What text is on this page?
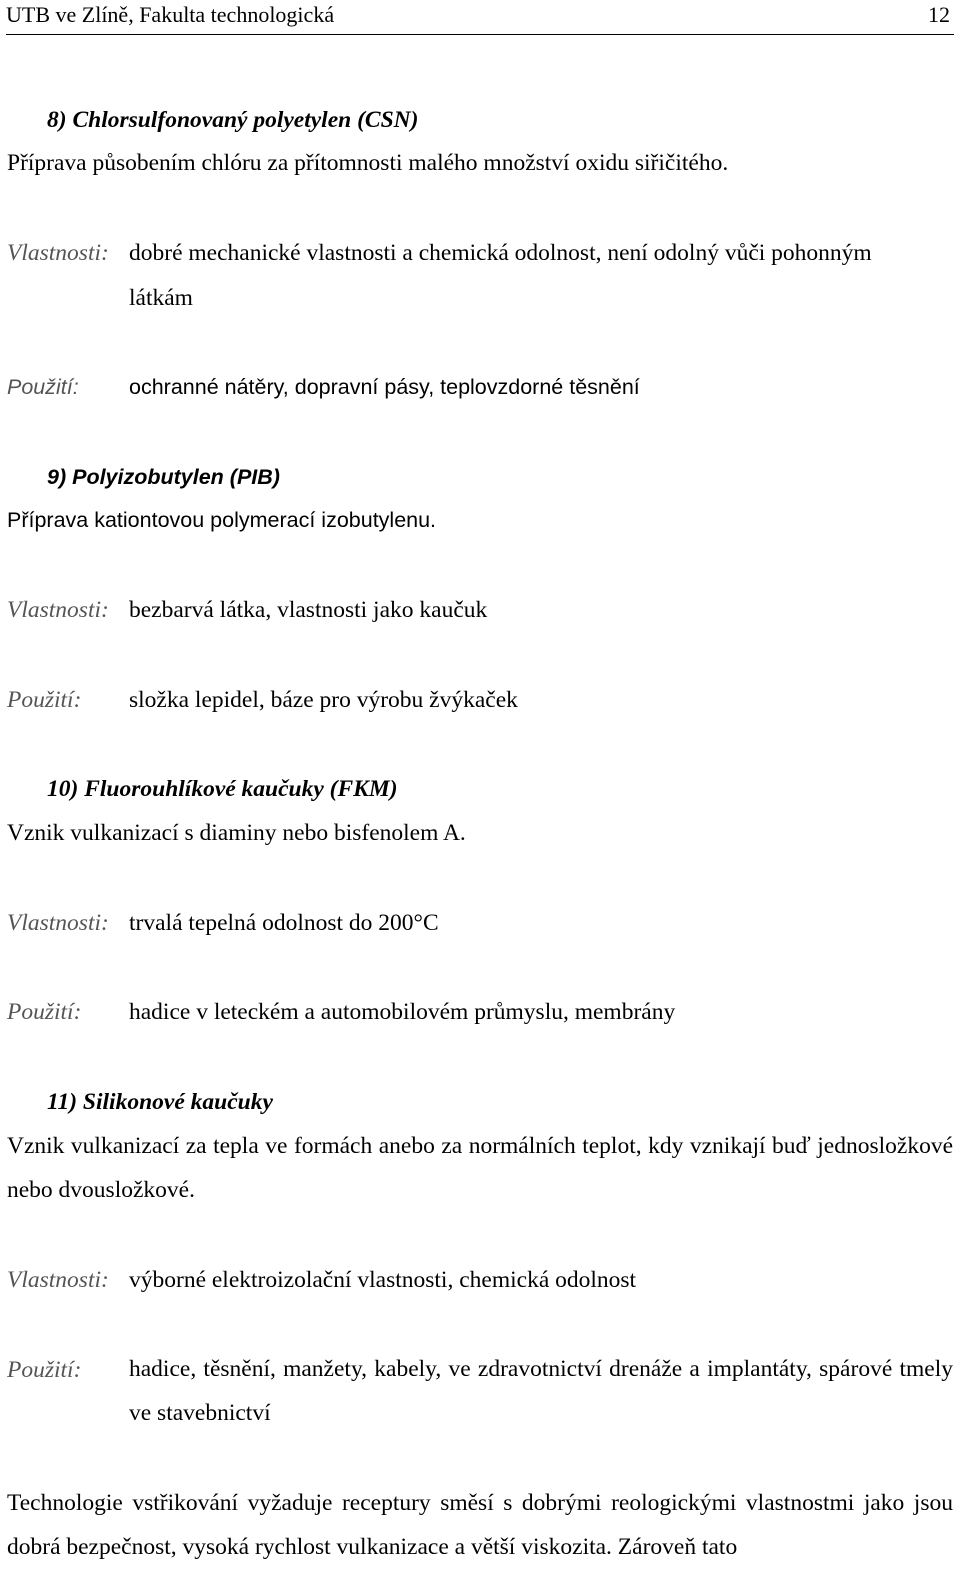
UTB ve Zlíně, Fakulta technologická	12
8) Chlorsulfonovaný polyetylen (CSN)
Příprava působením chlóru za přítomnosti malého množství oxidu siřičitého.
Vlastnosti: dobré mechanické vlastnosti a chemická odolnost, není odolný vůči pohonným
látkám
Použití: ochranné nátěry, dopravní pásy, teplovzdorné těsnění
9) Polyizobutylen (PIB)
Příprava kationtovou polymerací izobutylenu.
Vlastnosti: bezbarvá látka, vlastnosti jako kaučuk
Použití: složka lepidel, báze pro výrobu žvýkaček
10) Fluorouhlíkové kaučuky (FKM)
Vznik vulkanizací s diaminy nebo bisfenolem A.
Vlastnosti: trvalá tepelná odolnost do 200°C
Použití: hadice v leteckém a automobilovém průmyslu, membrány
11) Silikonové kaučuky
Vznik vulkanizací za tepla ve formách anebo za normálních teplot, kdy vznikají buď jednosložkové nebo dvousložkové.
Vlastnosti: výborné elektroizolační vlastnosti, chemická odolnost
Použití: hadice, těsnění, manžety, kabely, ve zdravotnictví drenáže a implantáty, spárové tmely ve stavebnictví
Technologie vstřikování vyžaduje receptury směsí s dobrými reologickými vlastnostmi jako jsou dobrá bezpečnost, vysoká rychlost vulkanizace a větší viskozita. Zároveň tato
